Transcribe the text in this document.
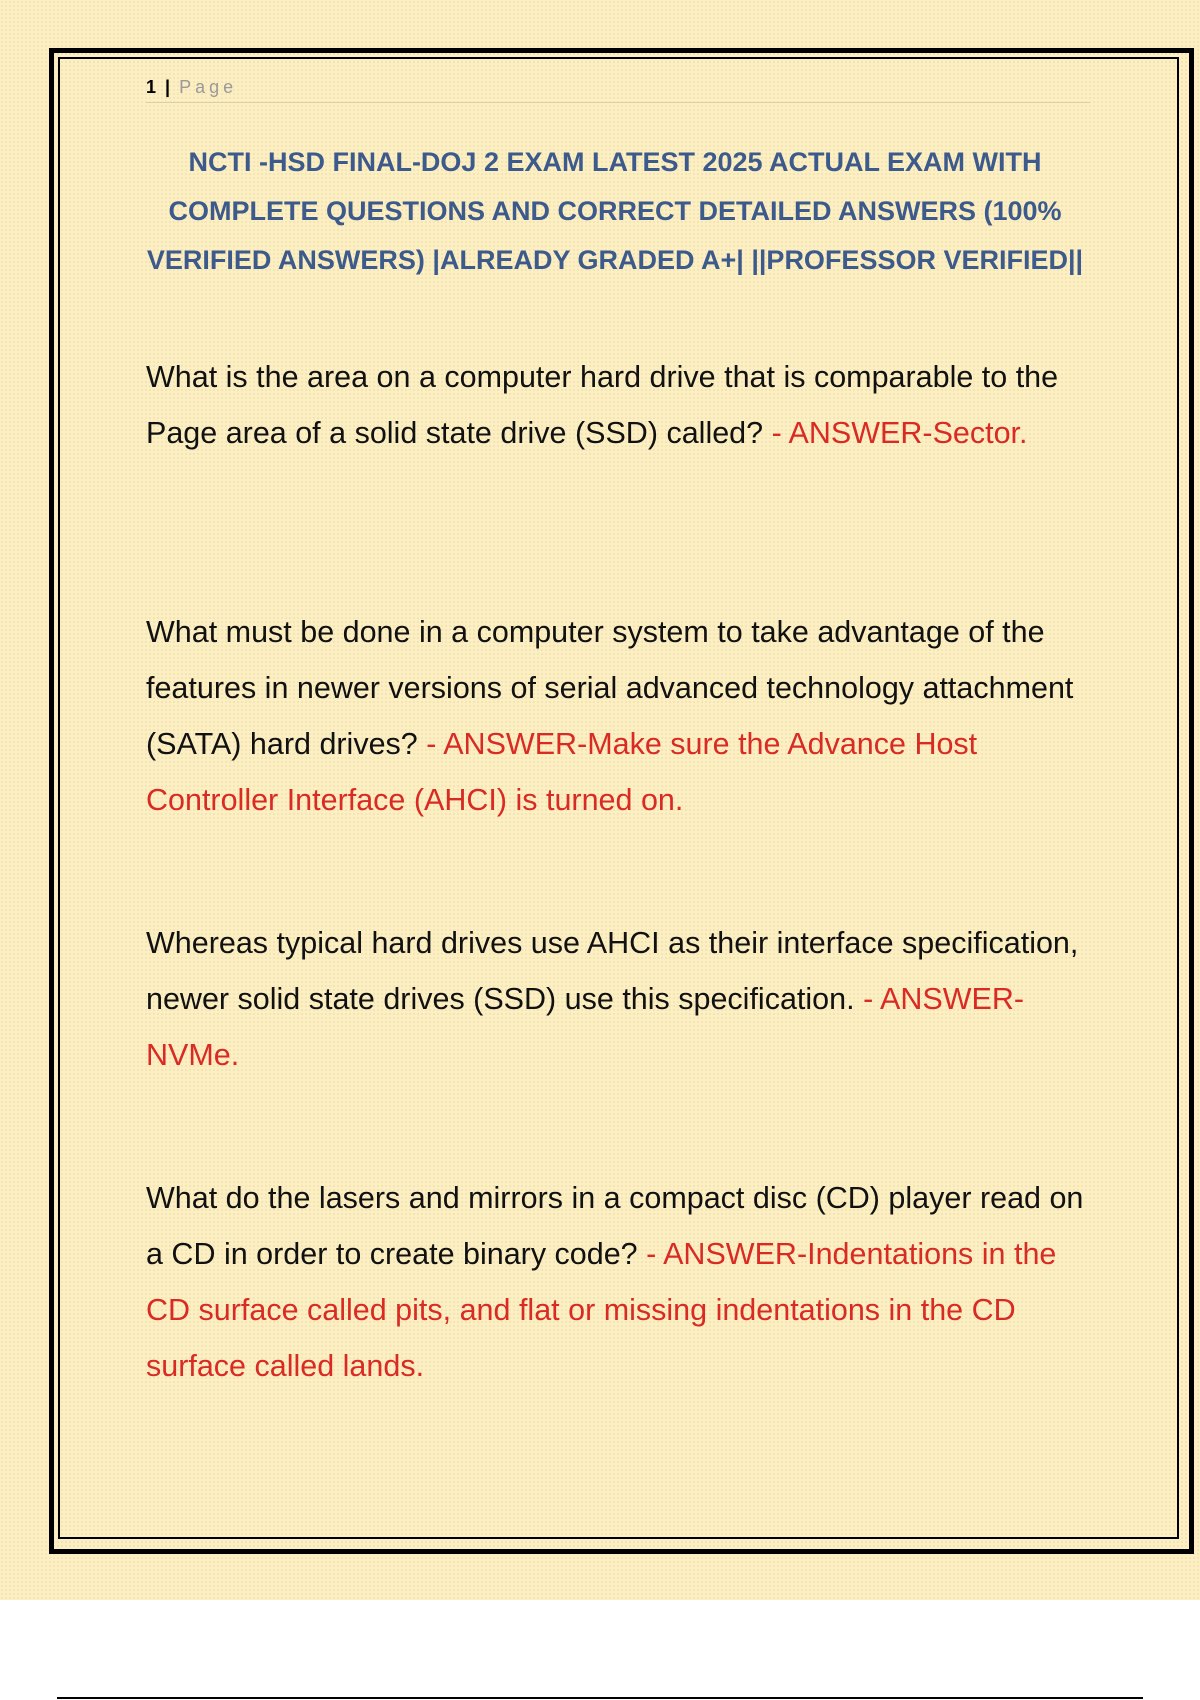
1 | Page
NCTI -HSD FINAL-DOJ 2 EXAM LATEST 2025 ACTUAL EXAM WITH COMPLETE QUESTIONS AND CORRECT DETAILED ANSWERS (100% VERIFIED ANSWERS) |ALREADY GRADED A+| ||PROFESSOR VERIFIED||
What is the area on a computer hard drive that is comparable to the Page area of a solid state drive (SSD) called? - ANSWER-Sector.
What must be done in a computer system to take advantage of the features in newer versions of serial advanced technology attachment (SATA) hard drives? - ANSWER-Make sure the Advance Host Controller Interface (AHCI) is turned on.
Whereas typical hard drives use AHCI as their interface specification, newer solid state drives (SSD) use this specification. - ANSWER-NVMe.
What do the lasers and mirrors in a compact disc (CD) player read on a CD in order to create binary code? - ANSWER-Indentations in the CD surface called pits, and flat or missing indentations in the CD surface called lands.
